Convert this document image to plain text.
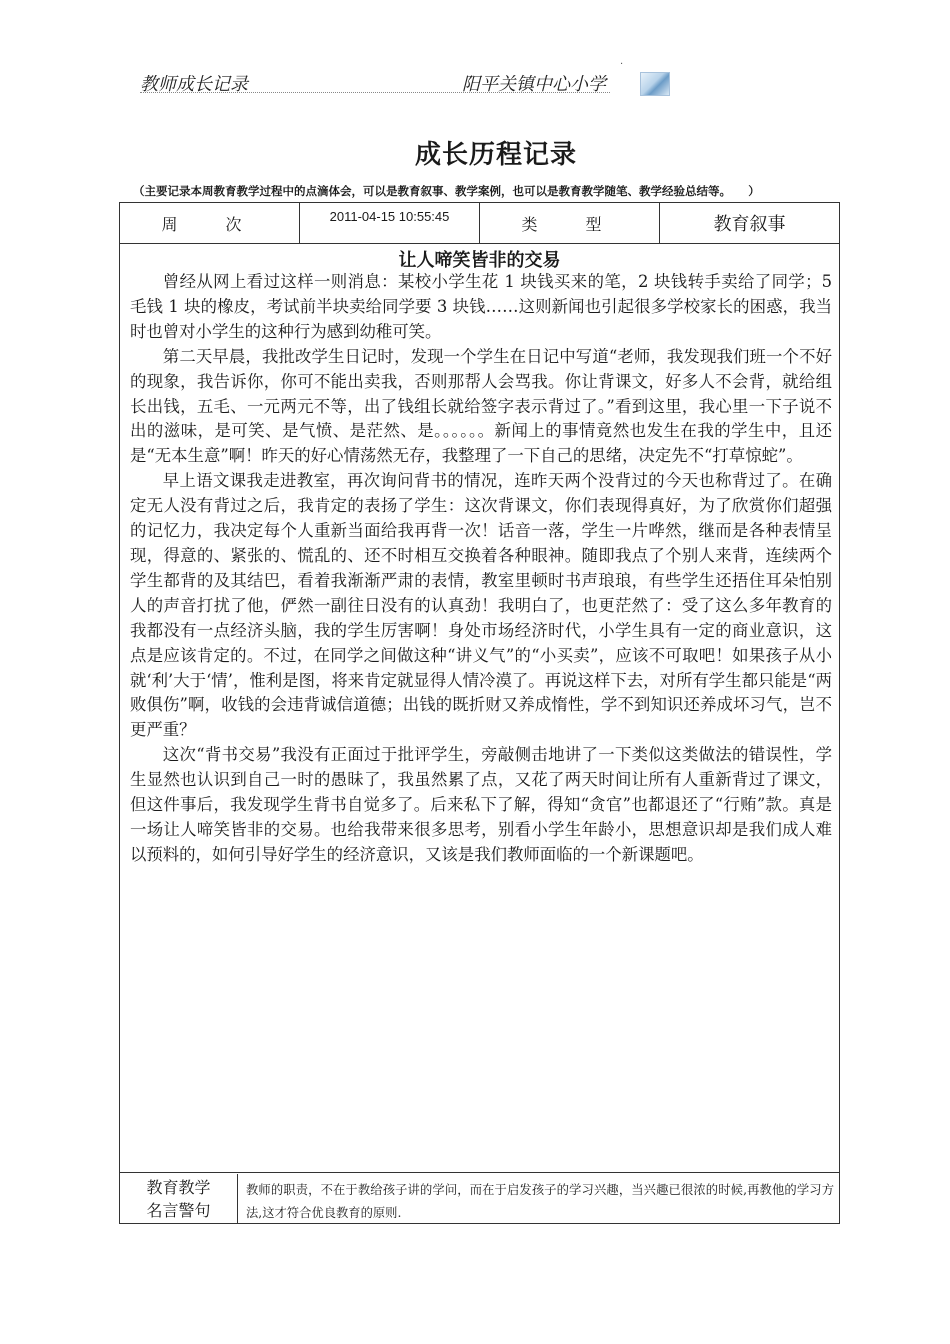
.
教师成长记录	阳平关镇中心小学
成长历程记录
（主要记录本周教育教学过程中的点滴体会，可以是教育叙事、教学案例，也可以是教育教学随笔、教学经验总结等。　　）
周　次	2011-04-15 10:55:45	类　型	教育叙事
让人啼笑皆非的交易

曾经从网上看过这样一则消息：某校小学生花 1 块钱买来的笔，2 块钱转手卖给了同学；5 毛钱 1 块的橡皮，考试前半块卖给同学要 3 块钱……这则新闻也引起很多学校家长的困惑，我当时也曾对小学生的这种行为感到幼稚可笑。

第二天早晨，我批改学生日记时，发现一个学生在日记中写道“老师，我发现我们班一个不好的现象，我告诉你，你可不能出卖我，否则那帮人会骂我。你让背课文，好多人不会背，就给组长出钱，五毛、一元两元不等，出了钱组长就给签字表示背过了。”看到这里，我心里一下子说不出的滋味，是可笑、是气愤、是茫然、是。。。。。。新闻上的事情竟然也发生在我的学生中，且还是“无本生意”啊！昨天的好心情荡然无存，我整理了一下自己的思绪，决定先不“打草惊蛇”。

早上语文课我走进教室，再次询问背书的情况，连昨天两个没背过的今天也称背过了。在确定无人没有背过之后，我肯定的表扬了学生：这次背课文，你们表现得真好，为了欣赏你们超强的记忆力，我决定每个人重新当面给我再背一次！话音一落，学生一片哗然，继而是各种表情呈现，得意的、紧张的、慌乱的、还不时相互交换着各种眼神。随即我点了个别人来背，连续两个学生都背的及其结巴，看着我渐渐严肃的表情，教室里顿时书声琅琅，有些学生还捂住耳朵怕别人的声音打扰了他，俨然一副往日没有的认真劲！我明白了，也更茫然了：受了这么多年教育的我都没有一点经济头脑，我的学生厉害啊！身处市场经济时代，小学生具有一定的商业意识，这点是应该肯定的。不过，在同学之间做这种“讲义气”的“小买卖”，应该不可取吧！如果孩子从小就‘利’大于‘情’，惟利是图，将来肯定就显得人情冷漠了。再说这样下去，对所有学生都只能是“两败俱伤”啊，收钱的会违背诚信道德；出钱的既折财又养成惰性，学不到知识还养成坏习气，岂不更严重？

这次“背书交易”我没有正面过于批评学生，旁敲侧击地讲了一下类似这类做法的错误性，学生显然也认识到自己一时的愚昧了，我虽然累了点，又花了两天时间让所有人重新背过了课文，但这件事后，我发现学生背书自觉多了。后来私下了解，得知“贪官”也都退还了“行贿”款。真是一场让人啼笑皆非的交易。也给我带来很多思考，别看小学生年龄小，思想意识却是我们成人难以预料的，如何引导好学生的经济意识，又该是我们教师面临的一个新课题吧。

教育教学
名言警句
教师的职责，不在于教给孩子讲的学问，而在于启发孩子的学习兴趣，当兴趣已很浓的时候,再教他的学习方法,这才符合优良教育的原则.
